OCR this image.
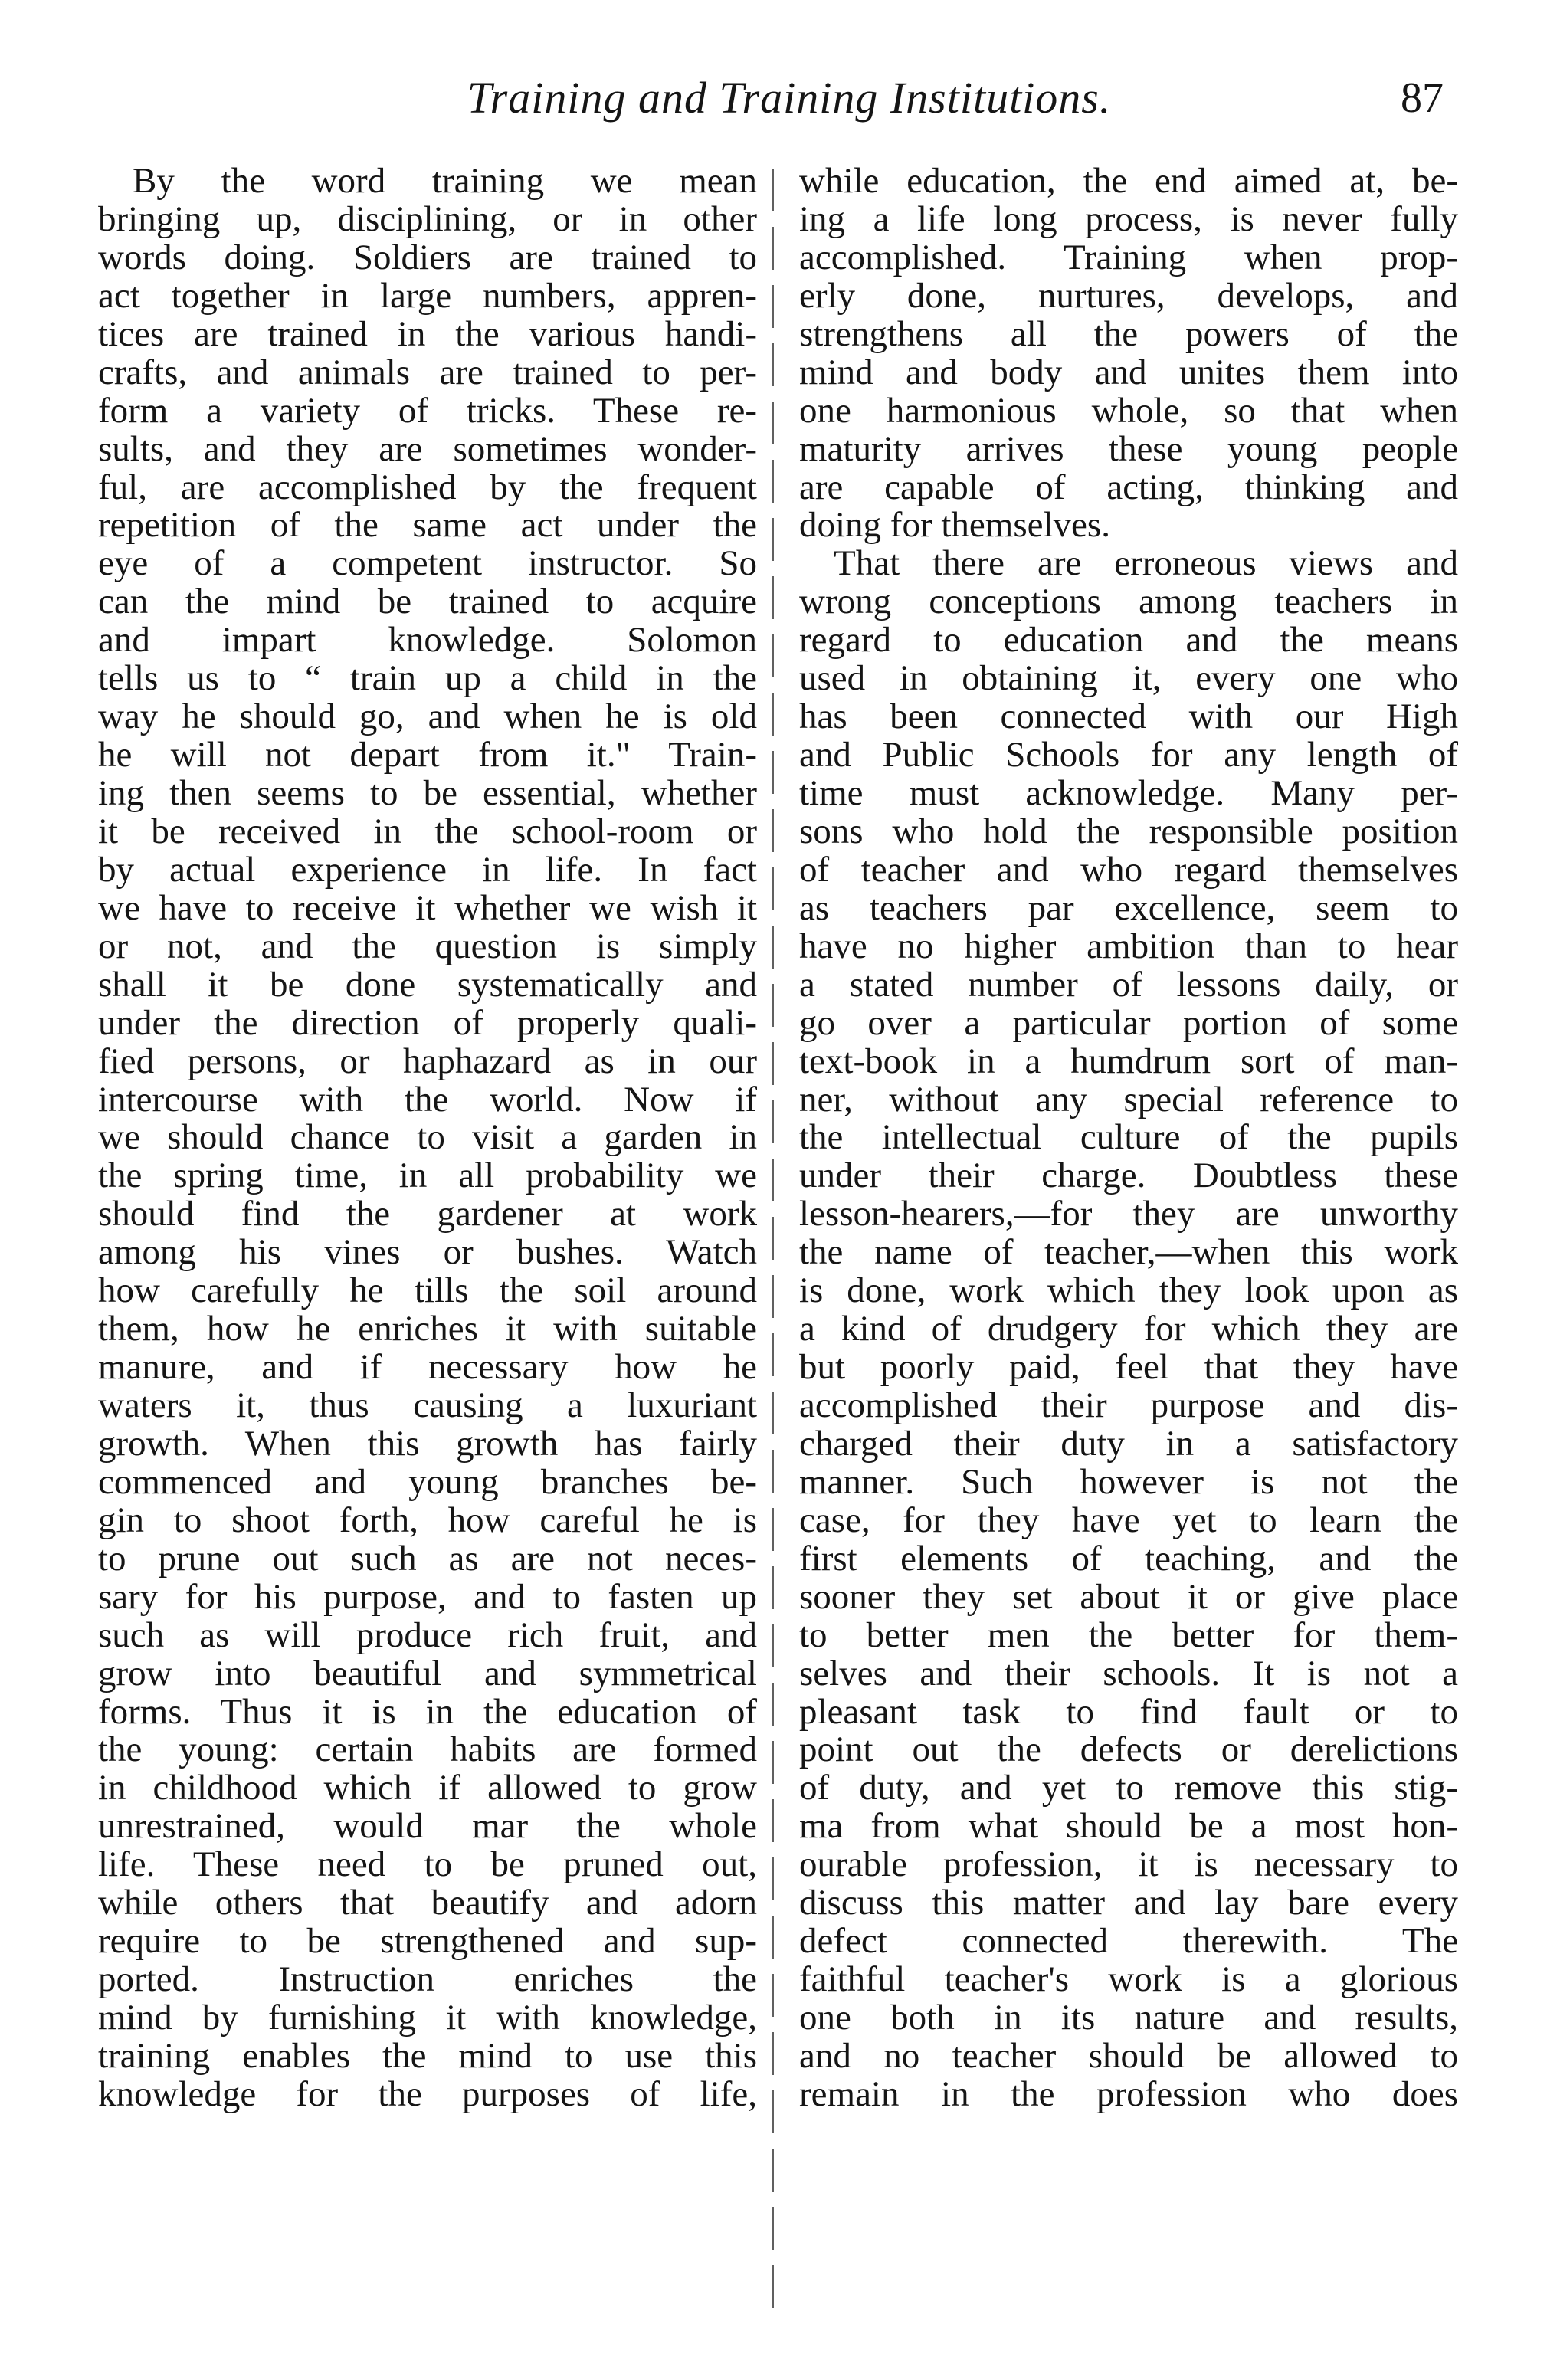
Training and Training Institutions.	87
By the word training we mean
bringing up, disciplining, or in other
words doing. Soldiers are trained to
act together in large numbers, appren-
tices are trained in the various handi-
crafts, and animals are trained to per-
form a variety of tricks. These re-
sults, and they are sometimes wonder-
ful, are accomplished by the frequent
repetition of the same act under the
eye of a competent instructor. So
can the mind be trained to acquire
and impart knowledge. Solomon
tells us to “ train up a child in the
way he should go, and when he is old
he will not depart from it." Train-
ing then seems to be essential, whether
it be received in the school-room or
by actual experience in life. In fact
we have to receive it whether we wish it
or not, and the question is simply
shall it be done systematically and
under the direction of properly quali-
fied persons, or haphazard as in our
intercourse with the world. Now if
we should chance to visit a garden in
the spring time, in all probability we
should find the gardener at work
among his vines or bushes. Watch
how carefully he tills the soil around
them, how he enriches it with suitable
manure, and if necessary how he
waters it, thus causing a luxuriant
growth. When this growth has fairly
commenced and young branches be-
gin to shoot forth, how careful he is
to prune out such as are not neces-
sary for his purpose, and to fasten up
such as will produce rich fruit, and
grow into beautiful and symmetrical
forms. Thus it is in the education of
the young: certain habits are formed
in childhood which if allowed to grow
unrestrained, would mar the whole
life. These need to be pruned out,
while others that beautify and adorn
require to be strengthened and sup-
ported. Instruction enriches the
mind by furnishing it with knowledge,
training enables the mind to use this
knowledge for the purposes of life,
while education, the end aimed at, be-
ing a life long process, is never fully
accomplished. Training when prop-
erly done, nurtures, develops, and
strengthens all the powers of the
mind and body and unites them into
one harmonious whole, so that when
maturity arrives these young people
are capable of acting, thinking and
doing for themselves.
That there are erroneous views and
wrong conceptions among teachers in
regard to education and the means
used in obtaining it, every one who
has been connected with our High
and Public Schools for any length of
time must acknowledge. Many per-
sons who hold the responsible position
of teacher and who regard themselves
as teachers par excellence, seem to
have no higher ambition than to hear
a stated number of lessons daily, or
go over a particular portion of some
text-book in a humdrum sort of man-
ner, without any special reference to
the intellectual culture of the pupils
under their charge. Doubtless these
lesson-hearers,—for they are unworthy
the name of teacher,—when this work
is done, work which they look upon as
a kind of drudgery for which they are
but poorly paid, feel that they have
accomplished their purpose and dis-
charged their duty in a satisfactory
manner. Such however is not the
case, for they have yet to learn the
first elements of teaching, and the
sooner they set about it or give place
to better men the better for them-
selves and their schools. It is not a
pleasant task to find fault or to
point out the defects or derelictions
of duty, and yet to remove this stig-
ma from what should be a most hon-
ourable profession, it is necessary to
discuss this matter and lay bare every
defect connected therewith. The
faithful teacher's work is a glorious
one both in its nature and results,
and no teacher should be allowed to
remain in the profession who does
